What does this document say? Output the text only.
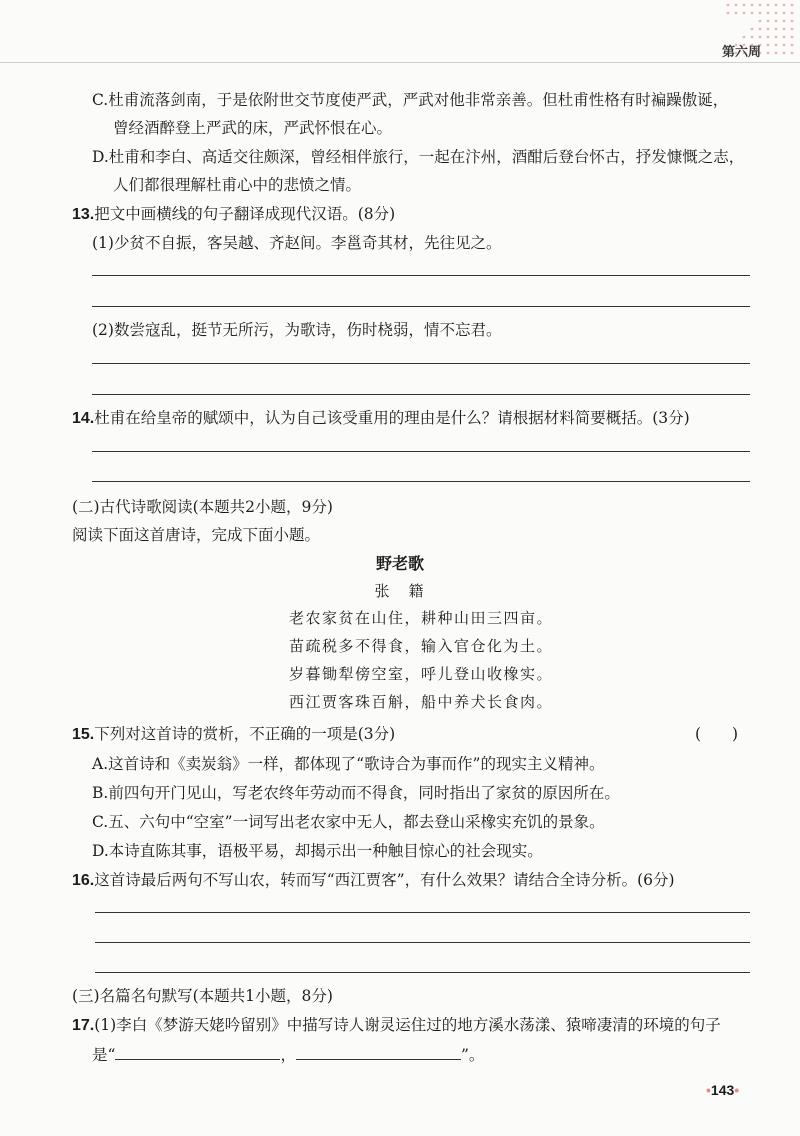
第六周
C.杜甫流落剑南，于是依附世交节度使严武，严武对他非常亲善。但杜甫性格有时褊躁傲诞，
曾经酒醉登上严武的床，严武怀恨在心。
D.杜甫和李白、高适交往颇深，曾经相伴旅行，一起在汴州，酒酣后登台怀古，抒发慷慨之志，
人们都很理解杜甫心中的悲愤之情。
13.把文中画横线的句子翻译成现代汉语。(8分)
(1)少贫不自振，客吴越、齐赵间。李邕奇其材，先往见之。
(2)数尝寇乱，挺节无所污，为歌诗，伤时桡弱，情不忘君。
14.杜甫在给皇帝的赋颂中，认为自己该受重用的理由是什么？请根据材料简要概括。(3分)
(二)古代诗歌阅读(本题共2小题，9分)
阅读下面这首唐诗，完成下面小题。
野老歌
张　籍
老农家贫在山住，耕种山田三四亩。
苗疏税多不得食，输入官仓化为土。
岁暮锄犁傍空室，呼儿登山收橡实。
西江贾客珠百斛，船中养犬长食肉。
15.下列对这首诗的赏析，不正确的一项是(3分)	(　　)
A.这首诗和《卖炭翁》一样，都体现了“歌诗合为事而作”的现实主义精神。
B.前四句开门见山，写老农终年劳动而不得食，同时指出了家贫的原因所在。
C.五、六句中“空室”一词写出老农家中无人，都去登山采橡实充饥的景象。
D.本诗直陈其事，语极平易，却揭示出一种触目惊心的社会现实。
16.这首诗最后两句不写山农，转而写“西江贾客”，有什么效果？请结合全诗分析。(6分)
(三)名篇名句默写(本题共1小题，8分)
17.(1)李白《梦游天姥吟留别》中描写诗人谢灵运住过的地方溪水荡漾、猿啼凄清的环境的句子
是“	，	”。
•143•
